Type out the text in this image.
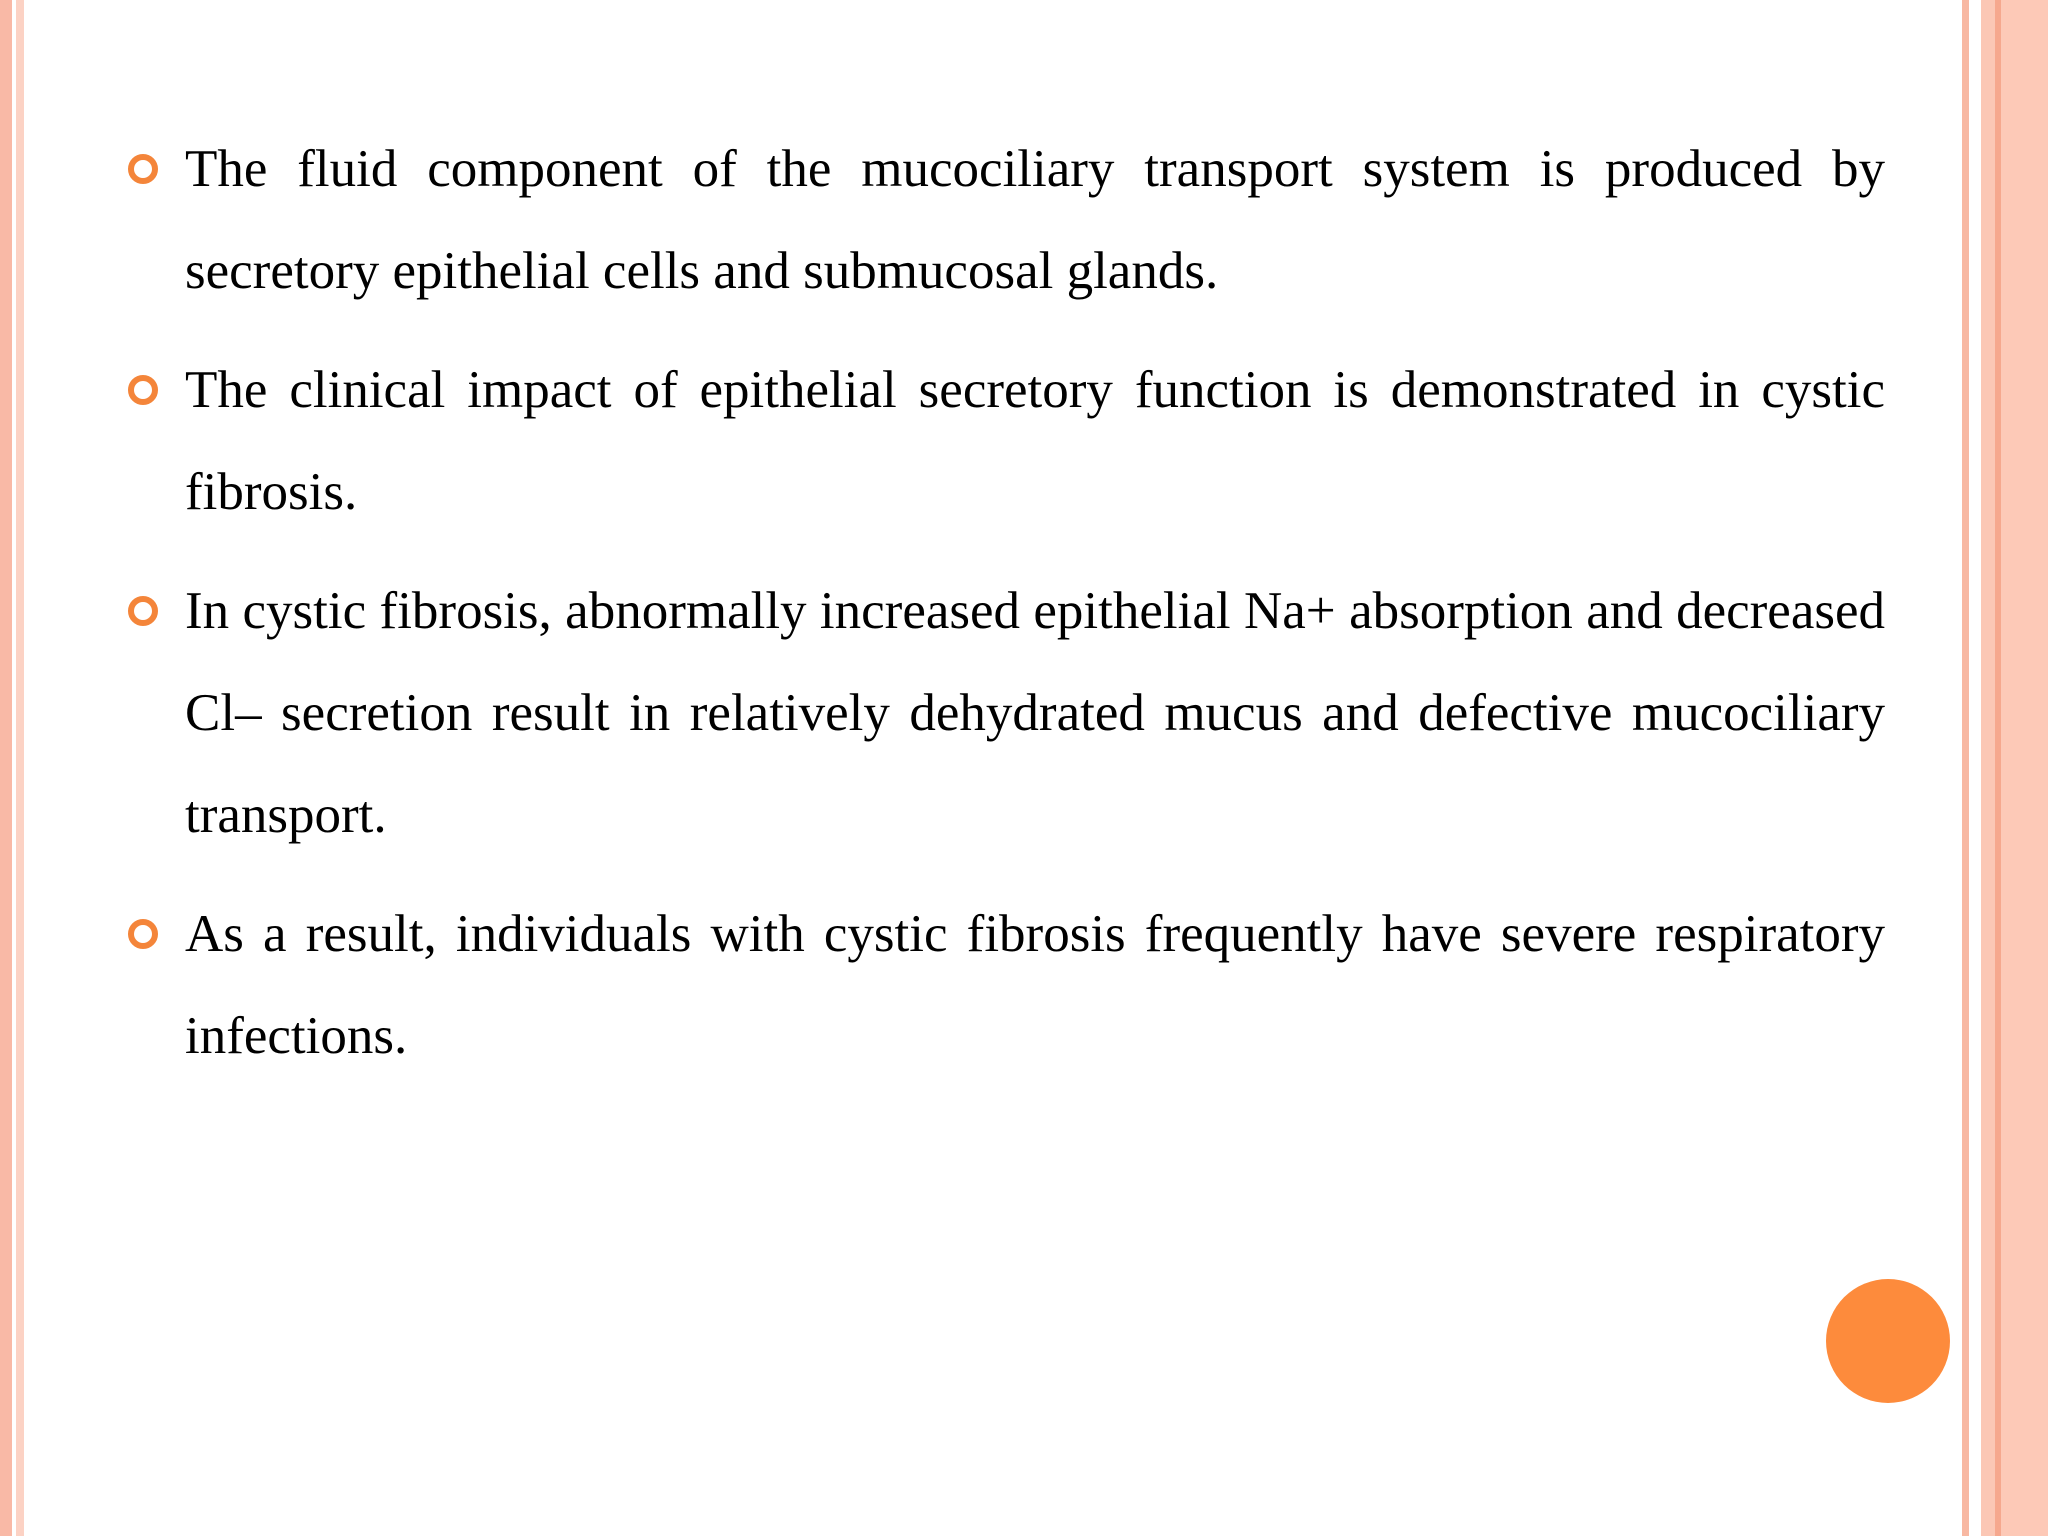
The fluid component of the mucociliary transport system is produced by secretory epithelial cells and submucosal glands.

The clinical impact of epithelial secretory function is demonstrated in cystic fibrosis.

In cystic fibrosis, abnormally increased epithelial Na+ absorption and decreased Cl– secretion result in relatively dehydrated mucus and defective mucociliary transport.

As a result, individuals with cystic fibrosis frequently have severe respiratory infections.
